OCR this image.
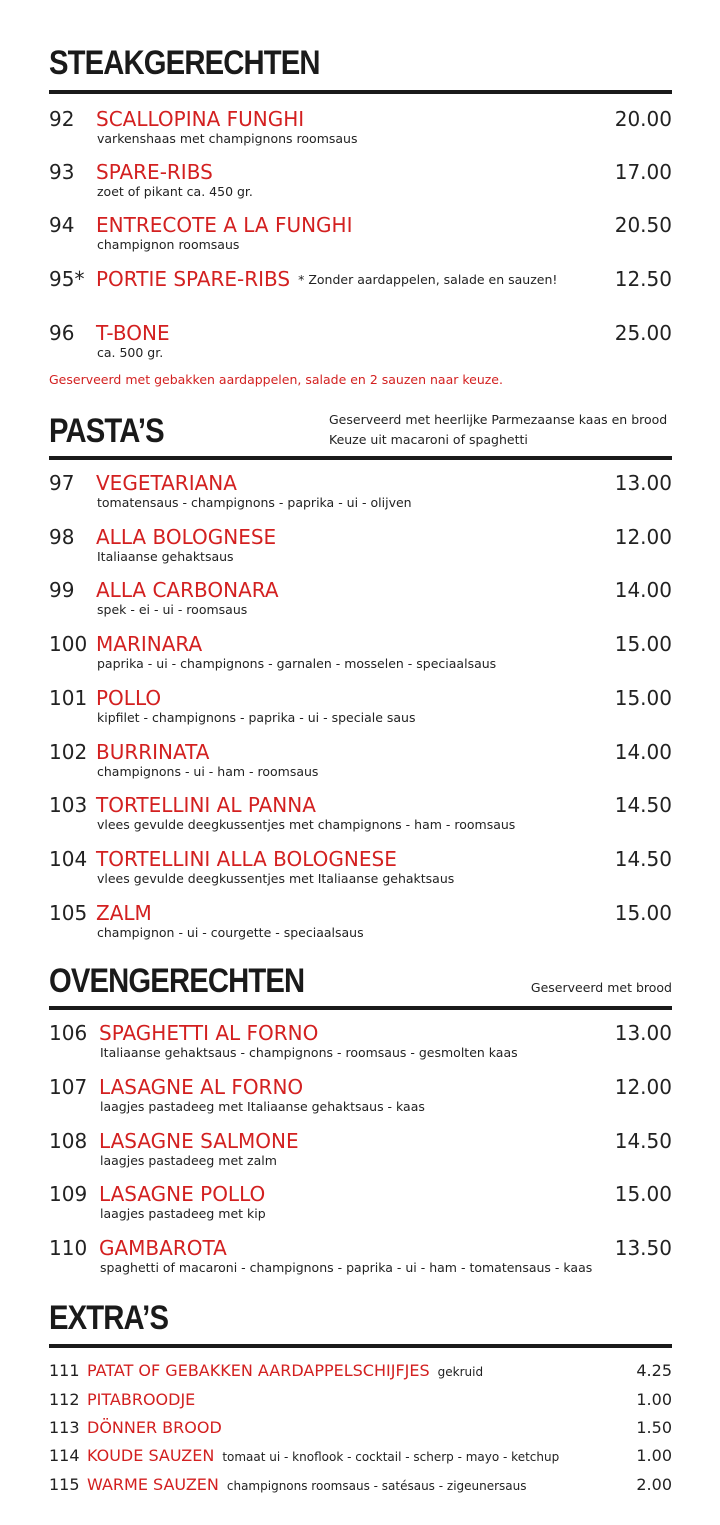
STEAKGERECHTEN
92 SCALLOPINA FUNGHI
varkenshaas met champignons roomsaus
20.00
93 SPARE-RIBS
zoet of pikant ca. 450 gr.
17.00
94 ENTRECOTE A LA FUNGHI
champignon roomsaus
20.50
95* PORTIE SPARE-RIBS * Zonder aardappelen, salade en sauzen!	12.50
96 T-BONE
ca. 500 gr.
25.00
Geserveerd met gebakken aardappelen, salade en 2 sauzen naar keuze.
PASTA’S	Geserveerd met heerlijke Parmezaanse kaas en brood
Keuze uit macaroni of spaghetti
97 VEGETARIANA
tomatensaus - champignons - paprika - ui - olijven
13.00
98 ALLA BOLOGNESE
Italiaanse gehaktsaus
12.00
99 ALLA CARBONARA
spek - ei - ui - roomsaus
14.00
100 MARINARA
paprika - ui - champignons - garnalen - mosselen - speciaalsaus
15.00
101 POLLO
kipfilet - champignons - paprika - ui - speciale saus
15.00
102 BURRINATA
champignons - ui - ham - roomsaus
14.00
103 TORTELLINI AL PANNA
vlees gevulde deegkussentjes met champignons - ham - roomsaus
14.50
104 TORTELLINI ALLA BOLOGNESE
vlees gevulde deegkussentjes met Italiaanse gehaktsaus
14.50
105 ZALM
champignon - ui - courgette - speciaalsaus
15.00
OVENGERECHTEN	Geserveerd met brood
106 SPAGHETTI AL FORNO
Italiaanse gehaktsaus - champignons - roomsaus - gesmolten kaas
13.00
107 LASAGNE AL FORNO
laagjes pastadeeg met Italiaanse gehaktsaus - kaas
12.00
108 LASAGNE SALMONE
laagjes pastadeeg met zalm
14.50
109 LASAGNE POLLO
laagjes pastadeeg met kip
15.00
110 GAMBAROTA
spaghetti of macaroni - champignons - paprika - ui - ham - tomatensaus - kaas
13.50
EXTRA’S
111 PATAT OF GEBAKKEN AARDAPPELSCHIJFJES gekruid	4.25
112 PITABROODJE	1.00
113 DÖNNER BROOD	1.50
114 KOUDE SAUZEN tomaat ui - knoflook - cocktail - scherp - mayo - ketchup	1.00
115 WARME SAUZEN champignons roomsaus - satésaus - zigeunersaus	2.00
